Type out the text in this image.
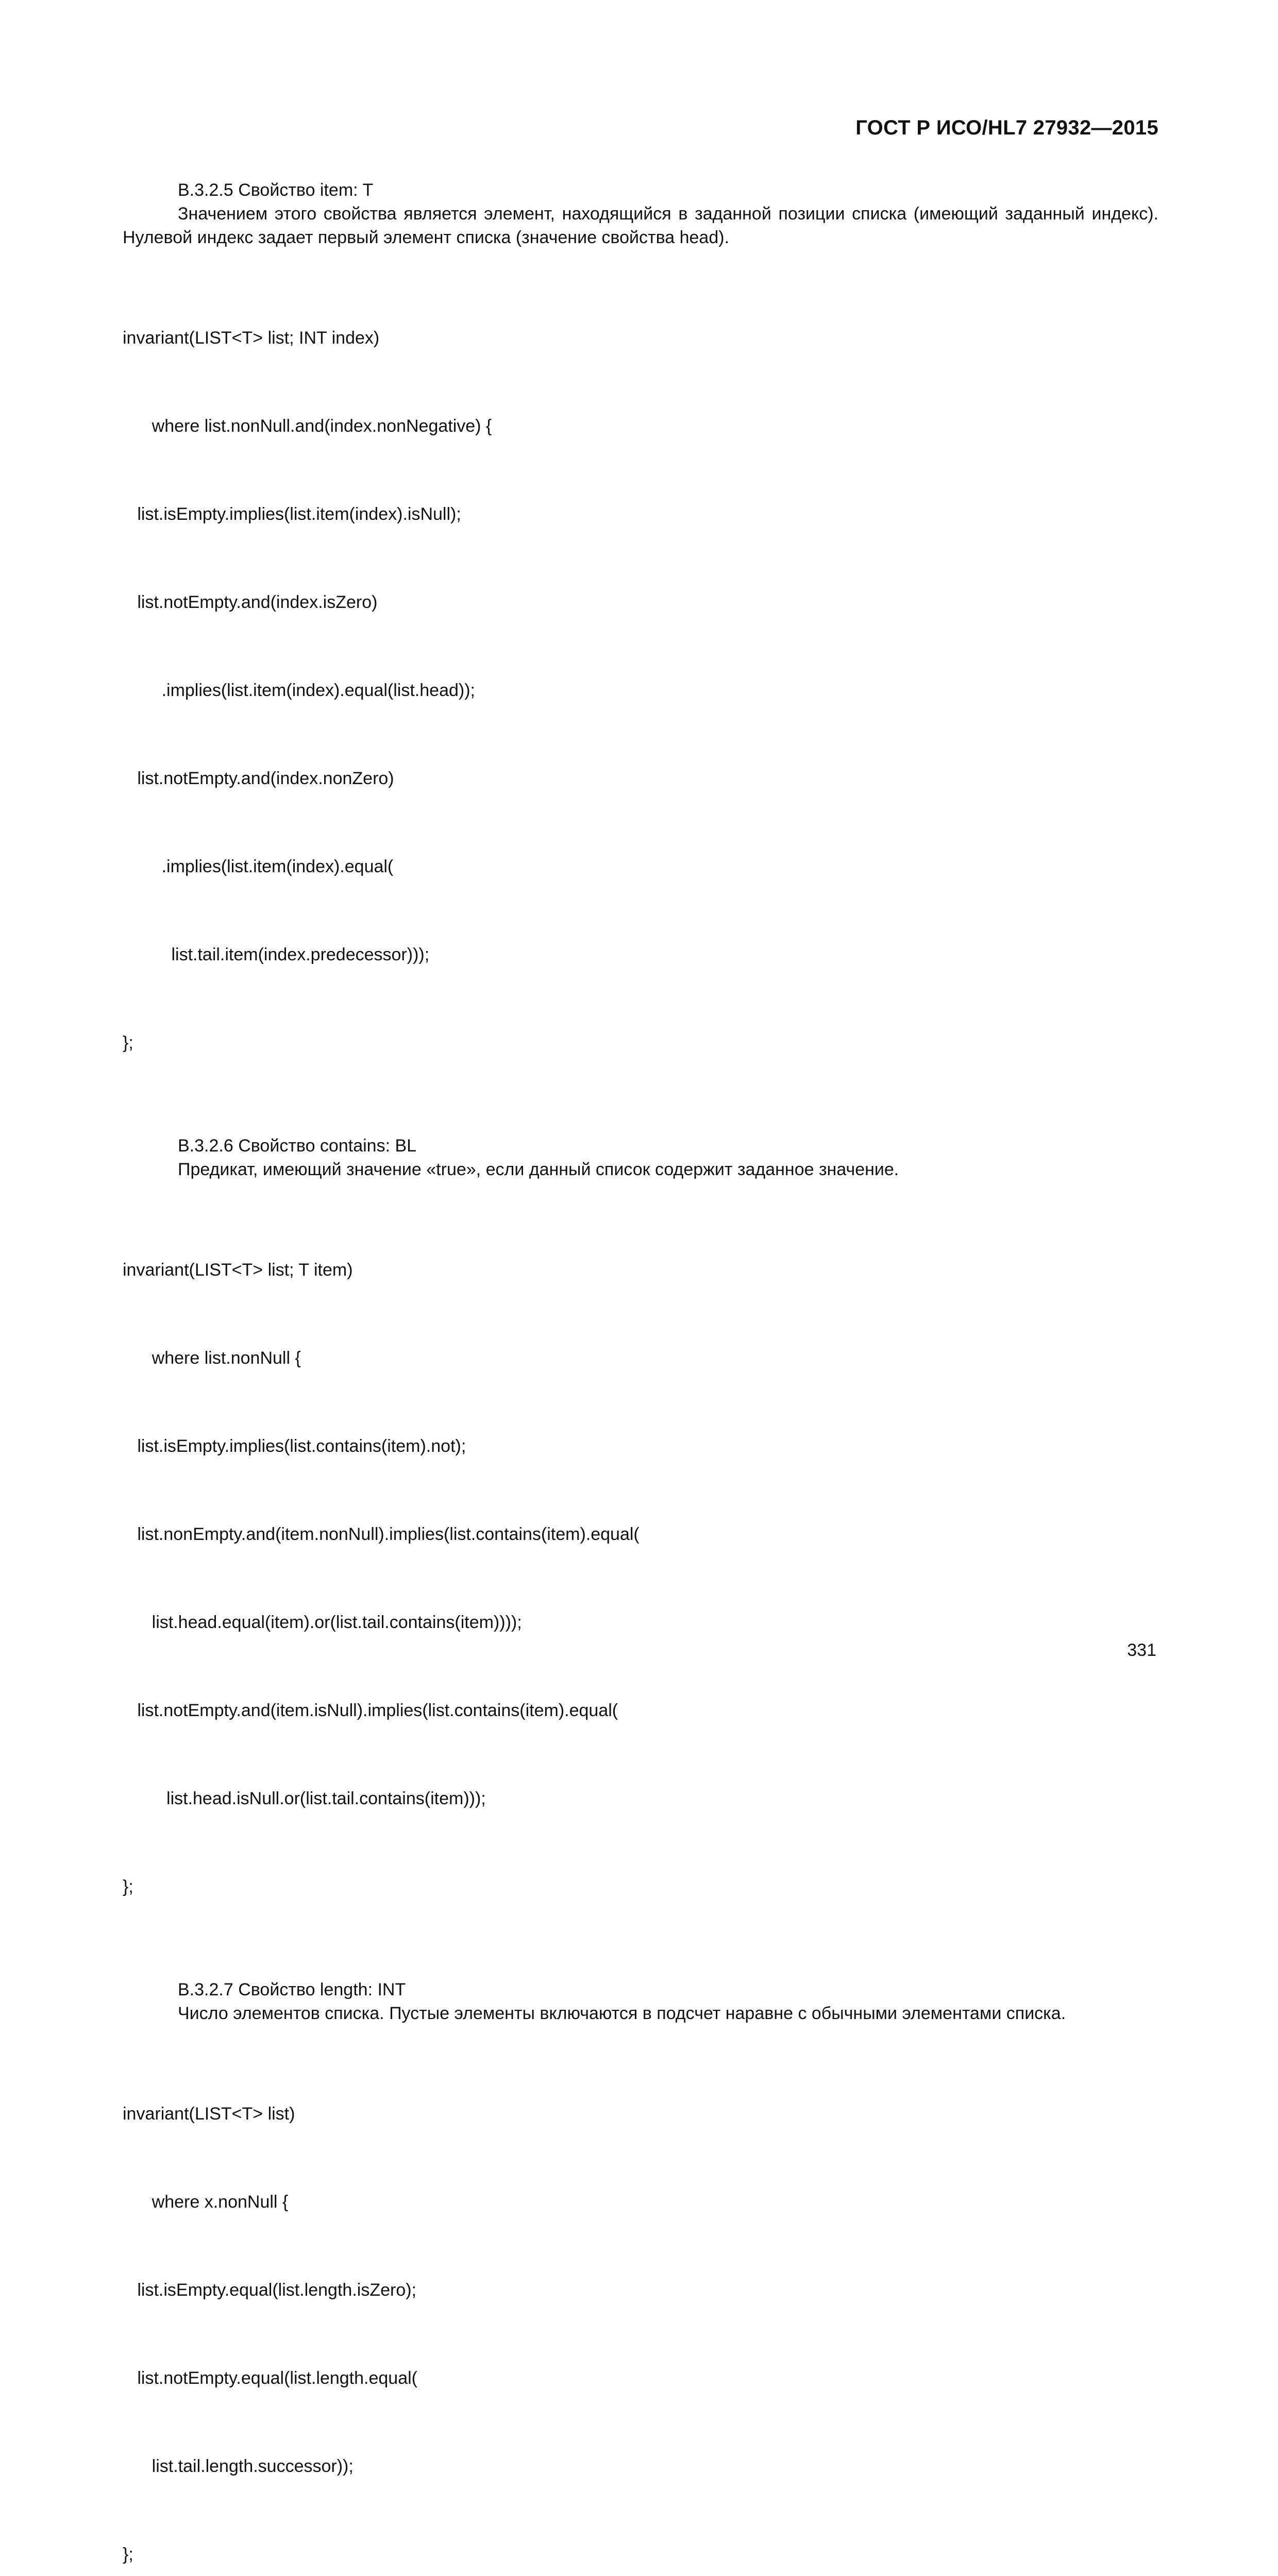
ГОСТ Р ИСО/HL7 27932—2015
В.3.2.5 Свойство item: T
Значением этого свойства является элемент, находящийся в заданной позиции списка (имеющий заданный индекс). Нулевой индекс задает первый элемент списка (значение свойства head).

invariant(LIST<T> list; INT index)

where list.nonNull.and(index.nonNegative) {

list.isEmpty.implies(list.item(index).isNull);

list.notEmpty.and(index.isZero)

.implies(list.item(index).equal(list.head));

list.notEmpty.and(index.nonZero)

.implies(list.item(index).equal(

list.tail.item(index.predecessor)));

};

В.3.2.6 Свойство contains: BL
Предикат, имеющий значение «true», если данный список содержит заданное значение.

invariant(LIST<T> list; T item)

where list.nonNull {

list.isEmpty.implies(list.contains(item).not);

list.nonEmpty.and(item.nonNull).implies(list.contains(item).equal(

list.head.equal(item).or(list.tail.contains(item))));

list.notEmpty.and(item.isNull).implies(list.contains(item).equal(

list.head.isNull.or(list.tail.contains(item)));

};

В.3.2.7 Свойство length: INT
Число элементов списка. Пустые элементы включаются в подсчет наравне с обычными элементами списка.

invariant(LIST<T> list)

where x.nonNull {

list.isEmpty.equal(list.length.isZero);

list.notEmpty.equal(list.length.equal(

list.tail.length.successor));

};

331
